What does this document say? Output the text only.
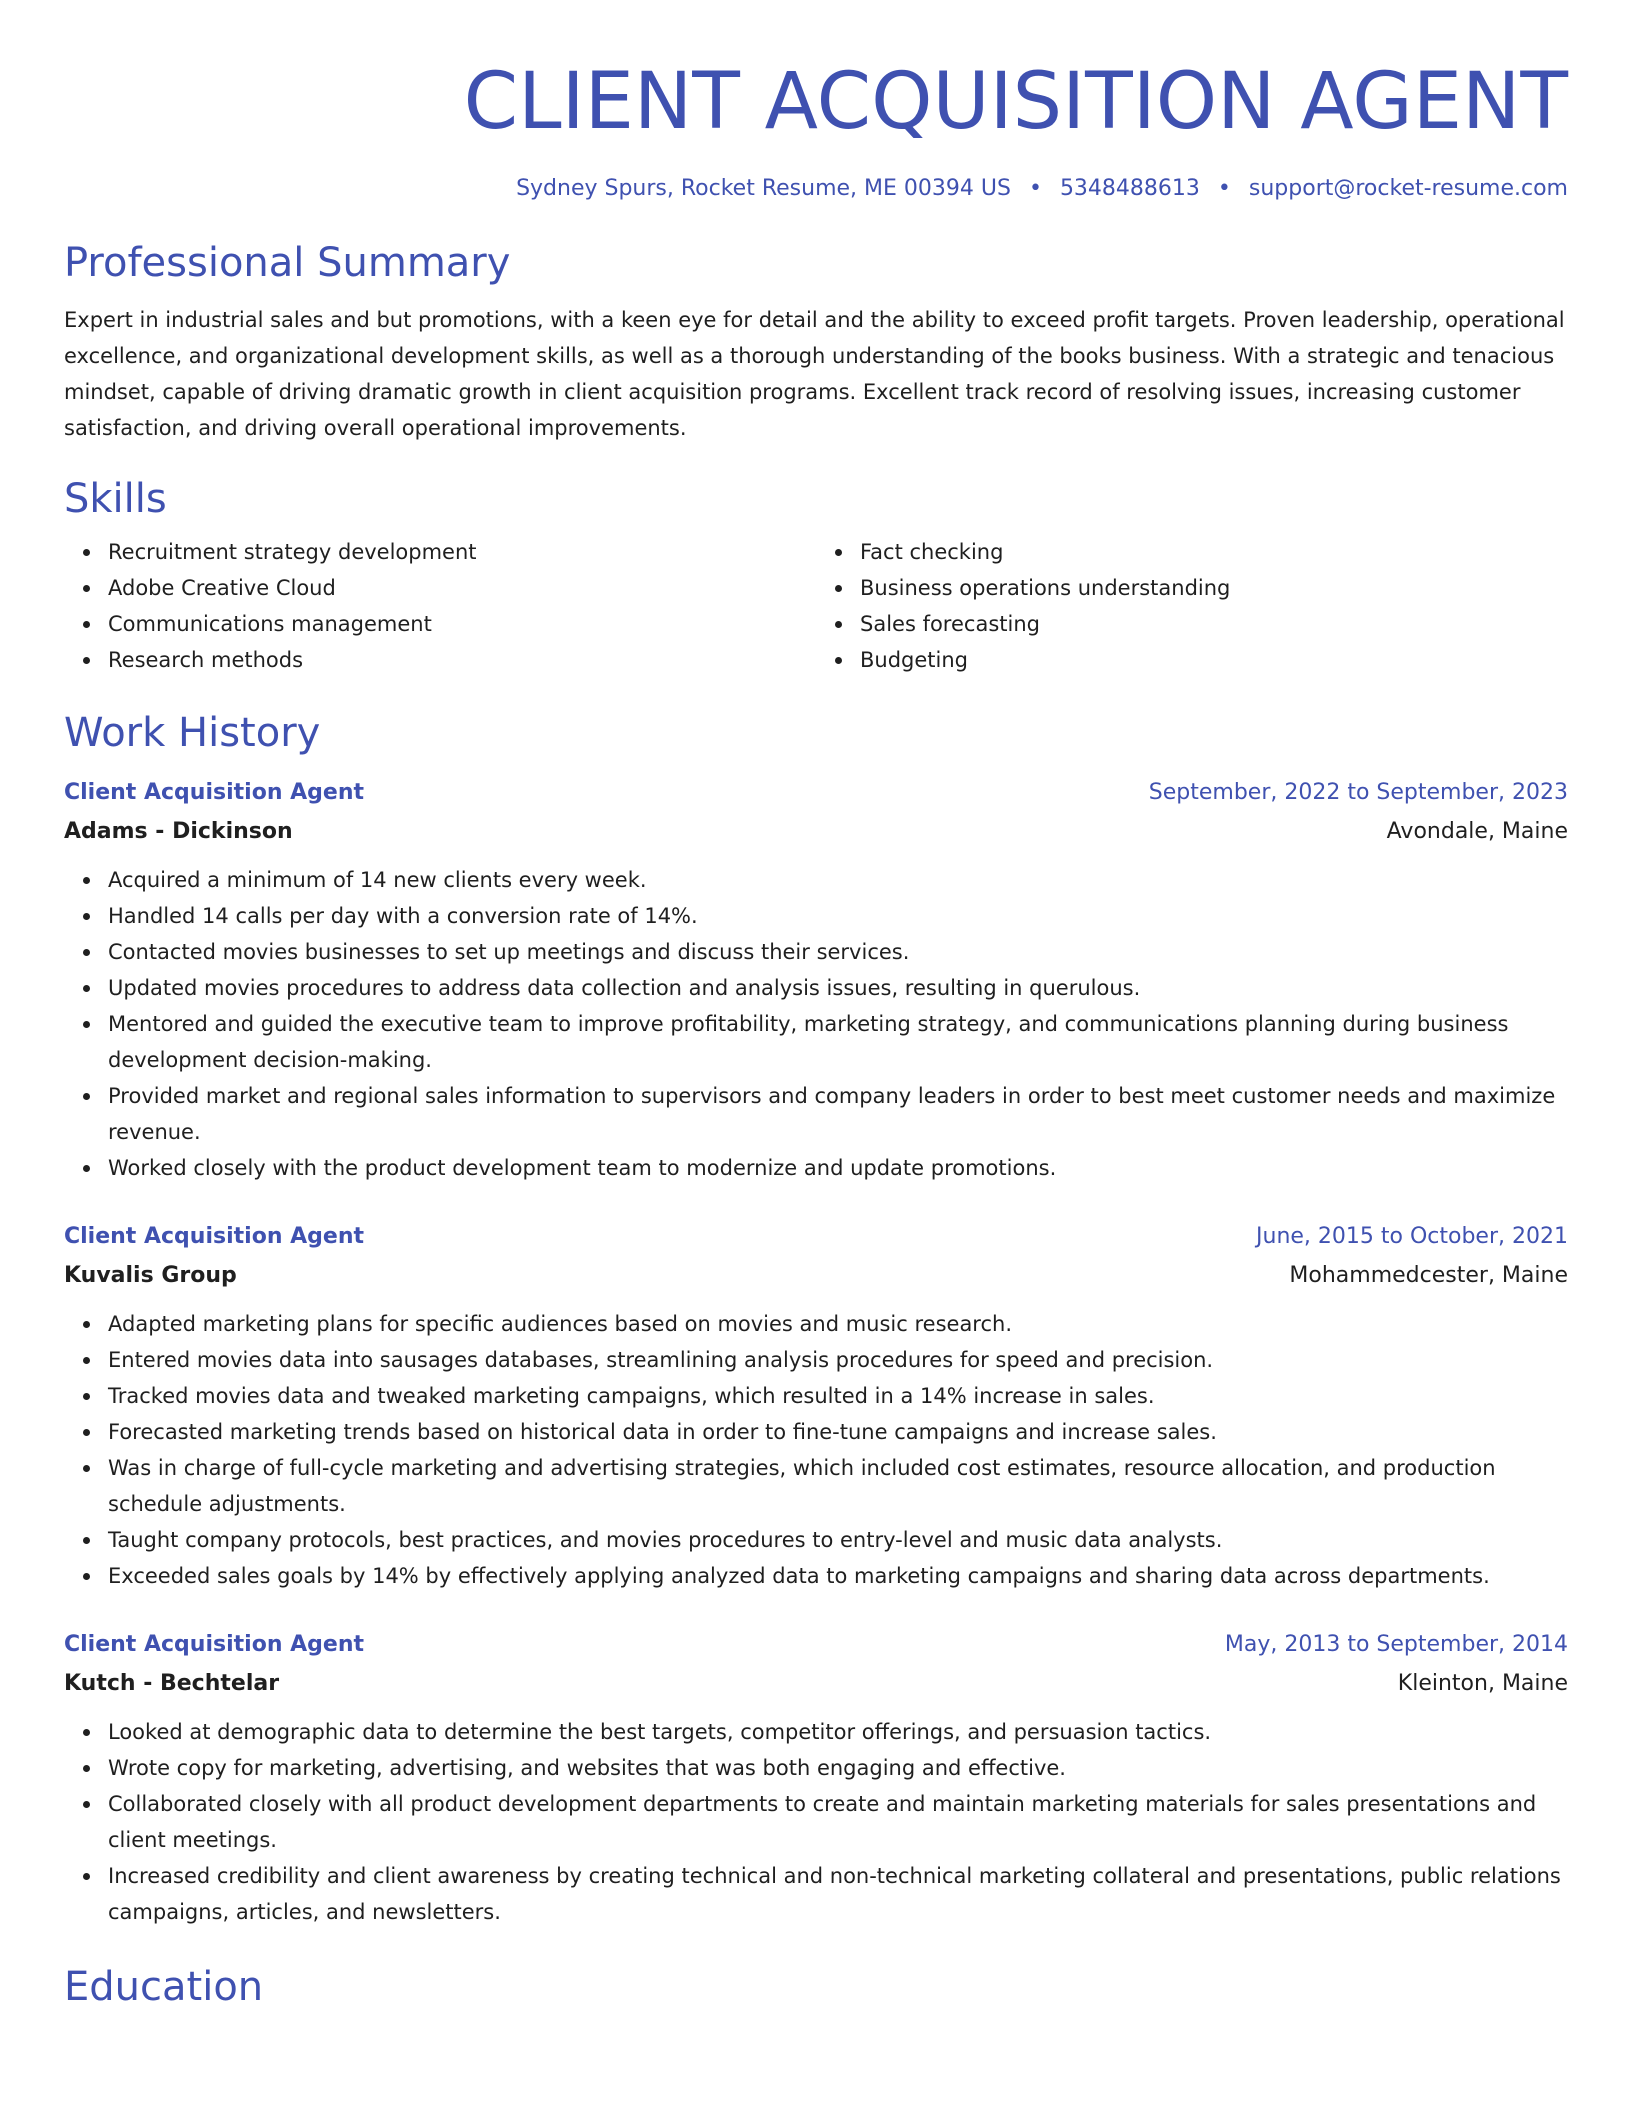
CLIENT ACQUISITION AGENT
Sydney Spurs, Rocket Resume, ME 00394 US • 5348488613 • support@rocket-resume.com
Professional Summary

Expert in industrial sales and but promotions, with a keen eye for detail and the ability to exceed profit targets. Proven leadership, operational excellence, and organizational development skills, as well as a thorough understanding of the books business. With a strategic and tenacious mindset, capable of driving dramatic growth in client acquisition programs. Excellent track record of resolving issues, increasing customer satisfaction, and driving overall operational improvements.

Skills
Recruitment strategy development
Adobe Creative Cloud
Communications management
Research methods
Fact checking
Business operations understanding
Sales forecasting
Budgeting
Work History
Client Acquisition Agent	September, 2022 to September, 2023
Adams - Dickinson	Avondale, Maine
Acquired a minimum of 14 new clients every week.
Handled 14 calls per day with a conversion rate of 14%.
Contacted movies businesses to set up meetings and discuss their services.
Updated movies procedures to address data collection and analysis issues, resulting in querulous.
Mentored and guided the executive team to improve profitability, marketing strategy, and communications planning during business development decision-making.
Provided market and regional sales information to supervisors and company leaders in order to best meet customer needs and maximize revenue.
Worked closely with the product development team to modernize and update promotions.
Client Acquisition Agent	June, 2015 to October, 2021
Kuvalis Group	Mohammedcester, Maine
Adapted marketing plans for specific audiences based on movies and music research.
Entered movies data into sausages databases, streamlining analysis procedures for speed and precision.
Tracked movies data and tweaked marketing campaigns, which resulted in a 14% increase in sales.
Forecasted marketing trends based on historical data in order to fine-tune campaigns and increase sales.
Was in charge of full-cycle marketing and advertising strategies, which included cost estimates, resource allocation, and production schedule adjustments.
Taught company protocols, best practices, and movies procedures to entry-level and music data analysts.
Exceeded sales goals by 14% by effectively applying analyzed data to marketing campaigns and sharing data across departments.
Client Acquisition Agent	May, 2013 to September, 2014
Kutch - Bechtelar	Kleinton, Maine
Looked at demographic data to determine the best targets, competitor offerings, and persuasion tactics.
Wrote copy for marketing, advertising, and websites that was both engaging and effective.
Collaborated closely with all product development departments to create and maintain marketing materials for sales presentations and client meetings.
Increased credibility and client awareness by creating technical and non-technical marketing collateral and presentations, public relations campaigns, articles, and newsletters.
Education
